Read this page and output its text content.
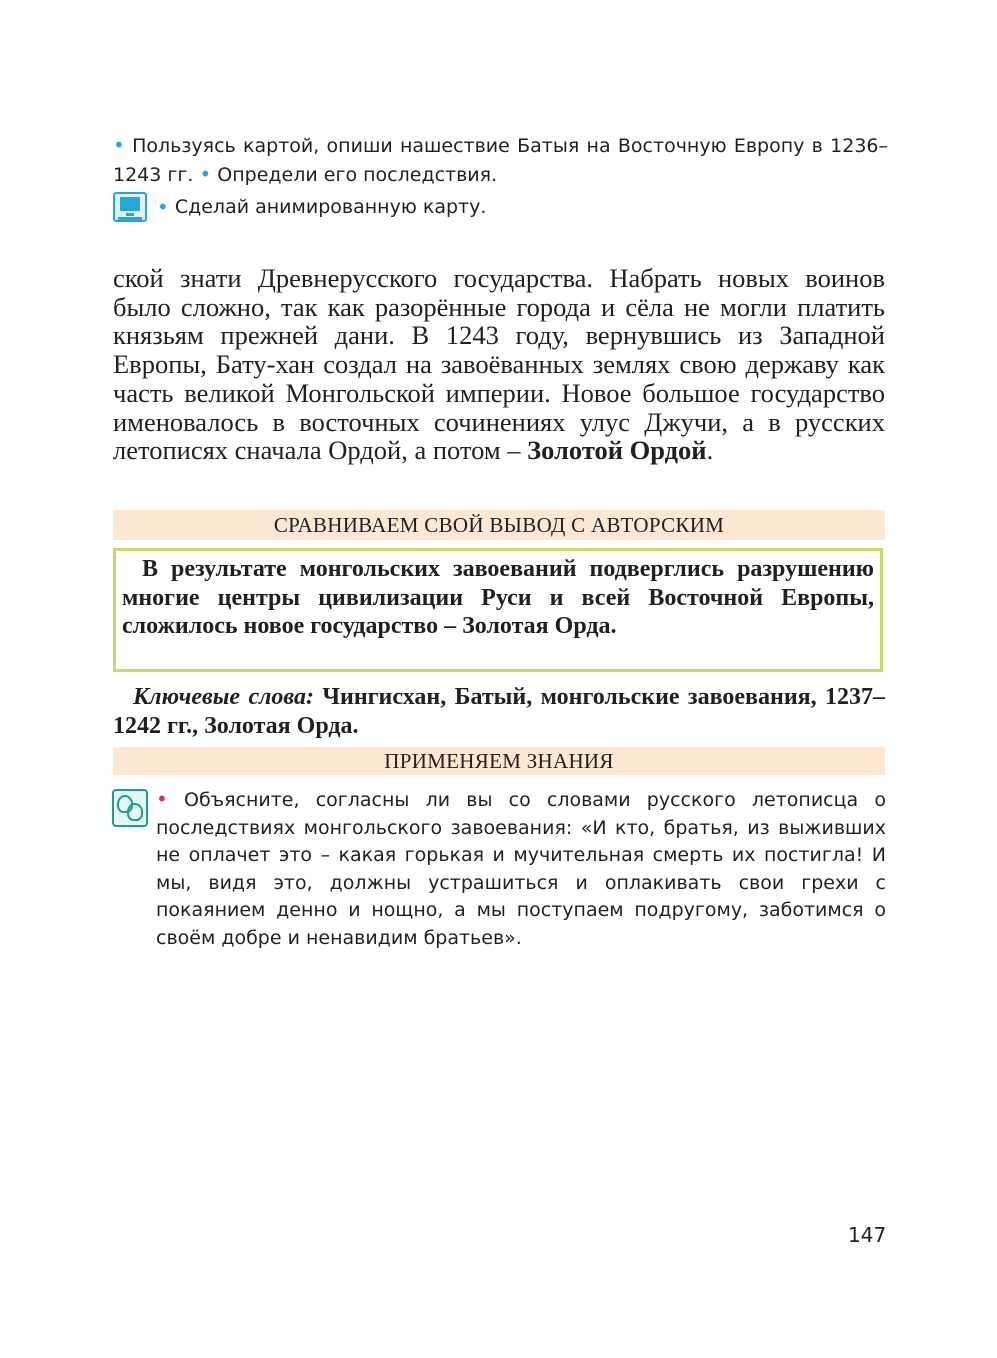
• Пользуясь картой, опиши нашествие Батыя на Восточную Европу в 1236–1243 гг. • Определи его последствия.
•
Сделай анимированную карту.
ской знати Древнерусского государства. Набрать новых воинов было сложно, так как разорённые города и сёла не могли платить князьям прежней дани. В 1243 году, вернувшись из Западной Европы, Бату-хан создал на завоёванных землях свою державу как часть великой Монгольской империи. Новое большое государство именовалось в восточных сочинениях улус Джучи, а в русских летописях сначала Ордой, а потом – Золотой Ордой.
СРАВНИВАЕМ СВОЙ ВЫВОД С АВТОРСКИМ
В результате монгольских завоеваний подверглись разрушению многие центры цивилизации Руси и всей Восточной Европы, сложилось новое государство – Золотая Орда.
Ключевые слова: Чингисхан, Батый, монгольские завоевания, 1237–1242 гг., Золотая Орда.
ПРИМЕНЯЕМ ЗНАНИЯ
• Объясните, согласны ли вы со словами русского летописца о последствиях монгольского завоевания: «И кто, братья, из выживших не оплачет это – какая горькая и мучительная смерть их постигла! И мы, видя это, должны устрашиться и оплакивать свои грехи с покаянием денно и нощно, а мы поступаем подругому, заботимся о своём добре и ненавидим братьев».
147
